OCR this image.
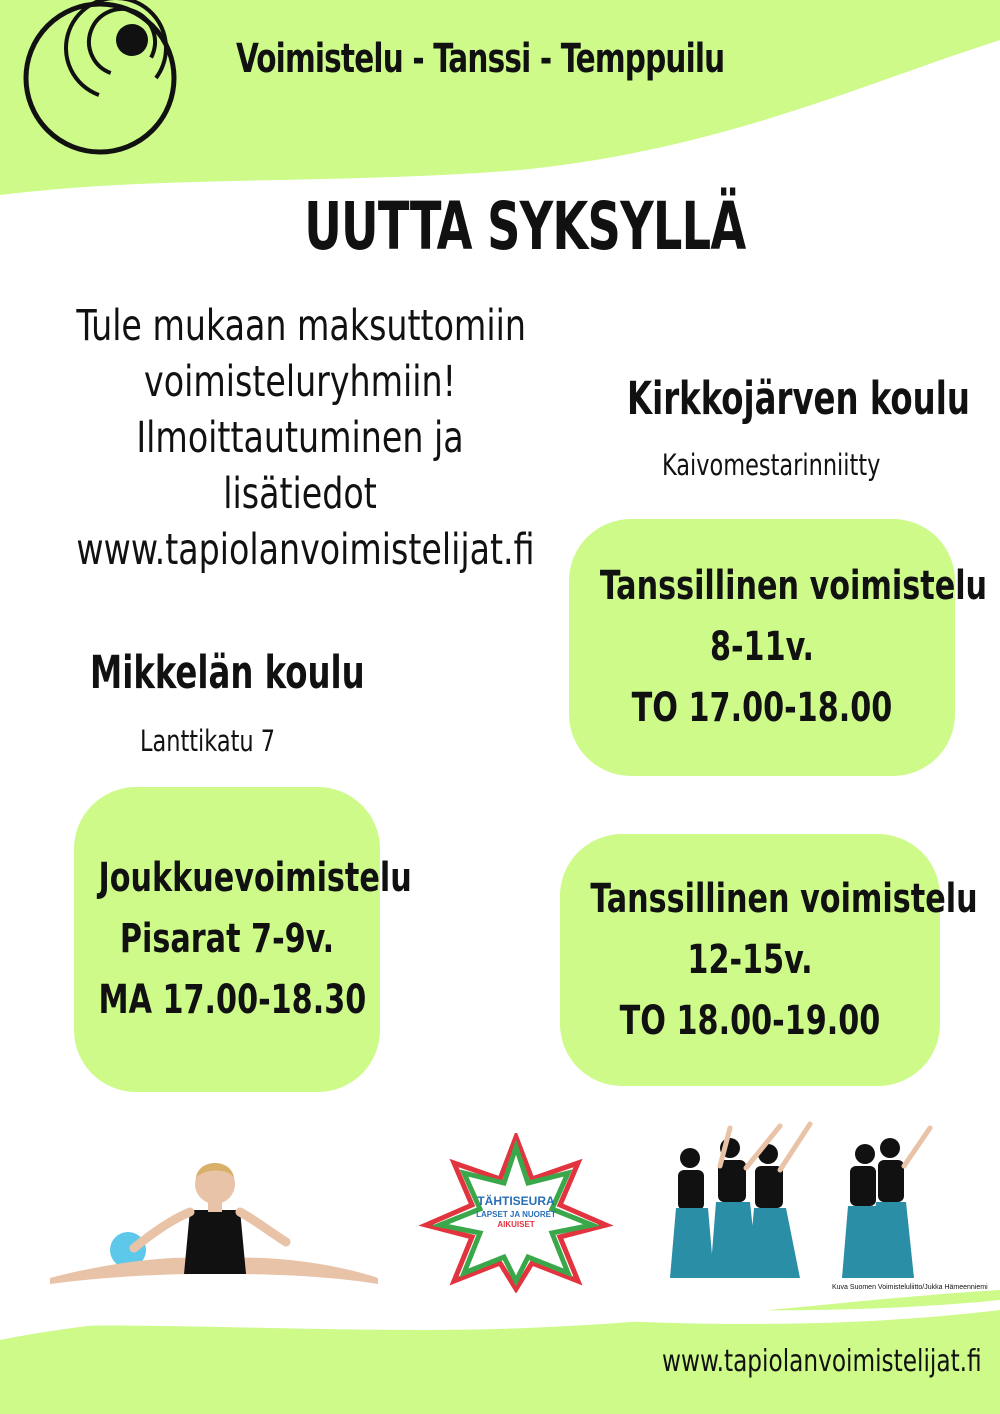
Voimistelu - Tanssi - Temppuilu
UUTTA SYKSYLLÄ
Tule mukaan maksuttomiin
voimisteluryhmiin!
Ilmoittautuminen ja
lisätiedot
www.tapiolanvoimistelijat.fi
Kirkkojärven koulu
Kaivomestarinniitty
Tanssillinen voimistelu
8-11v.
TO 17.00-18.00
Tanssillinen voimistelu
12-15v.
TO 18.00-19.00
Mikkelän koulu
Lanttikatu 7
Joukkuevoimistelu
Pisarat 7-9v.
MA 17.00-18.30
TÄHTISEURA
LAPSET JA NUORET
AIKUISET
Kuva Suomen Voimisteluliitto/Jukka Hämeenniemi
www.tapiolanvoimistelijat.fi
